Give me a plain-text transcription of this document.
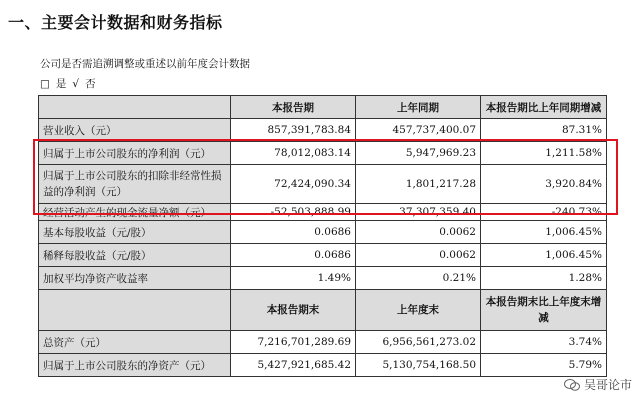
一、主要会计数据和财务指标
公司是否需追溯调整或重述以前年度会计数据
□ 是 √ 否
	本报告期	上年同期	本报告期比上年同期增减
营业收入（元）	857,391,783.84	457,737,400.07	87.31%
归属于上市公司股东的净利润（元）	78,012,083.14	5,947,969.23	1,211.58%
归属于上市公司股东的扣除非经常性损益的净利润（元）	72,424,090.34	1,801,217.28	3,920.84%
经营活动产生的现金流量净额（元）	-52,503,888.99	37,307,359.40	-240.73%
基本每股收益（元/股）	0.0686	0.0062	1,006.45%
稀释每股收益（元/股）	0.0686	0.0062	1,006.45%
加权平均净资产收益率	1.49%	0.21%	1.28%
	本报告期末	上年度末	本报告期末比上年度末增减
总资产（元）	7,216,701,289.69	6,956,561,273.02	3.74%
归属于上市公司股东的净资产（元）	5,427,921,685.42	5,130,754,168.50	5.79%
吴哥论市
